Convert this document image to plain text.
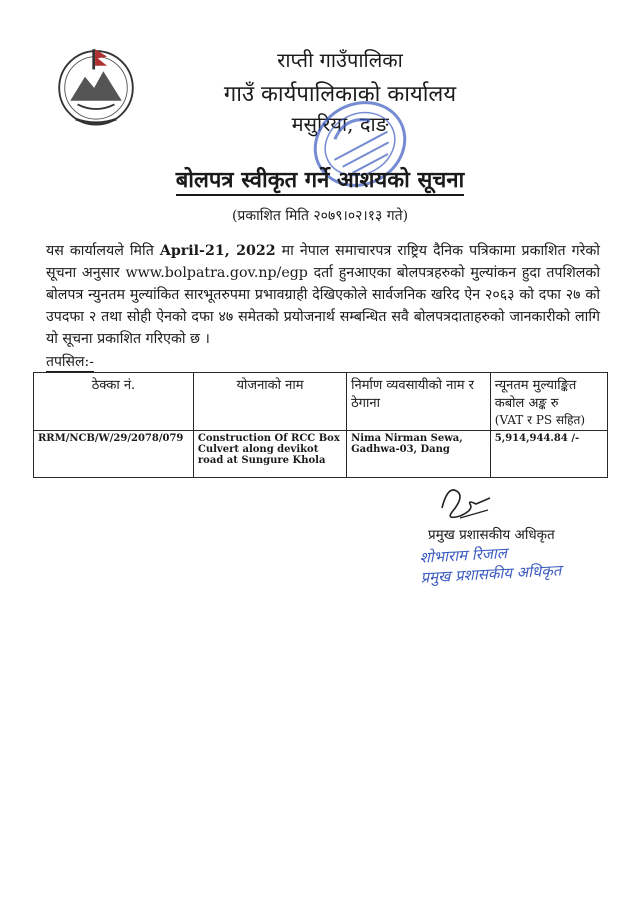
राप्ती गाउँपालिका
गाउँ कार्यपालिकाको कार्यालय
मसुरिया, दाङ
बोलपत्र स्वीकृत गर्ने आशयको सूचना
(प्रकाशित मिति २०७९।०२।१३ गते)
यस कार्यालयले मिति April-21, 2022 मा नेपाल समाचारपत्र राष्ट्रिय दैनिक पत्रिकामा प्रकाशित गरेको सूचना अनुसार www.bolpatra.gov.np/egp दर्ता हुनआएका बोलपत्रहरुको मुल्यांकन हुदा तपशिलको बोलपत्र न्युनतम मुल्यांकित सारभूतरुपमा प्रभावग्राही देखिएकोले सार्वजनिक खरिद ऐन २०६३ को दफा २७ को उपदफा २ तथा सोही ऐनको दफा ४७ समेतको प्रयोजनार्थ सम्बन्धित सवै बोलपत्रदाताहरुको जानकारीको लागि यो सूचना प्रकाशित गरिएको छ ।
तपसिल:-
ठेक्का नं.	योजनाको नाम	निर्माण व्यवसायीको नाम र ठेगाना	न्यूनतम मुल्याङ्कित कबोल अङ्क रु
(VAT र PS सहित)

RRM/NCB/W/29/2078/079	Construction Of RCC Box Culvert along devikot road at Sungure Khola	Nima Nirman Sewa, Gadhwa-03, Dang	5,914,944.84 /-
प्रमुख प्रशासकीय अधिकृत
शोभाराम रिजाल
प्रमुख प्रशासकीय अधिकृत
